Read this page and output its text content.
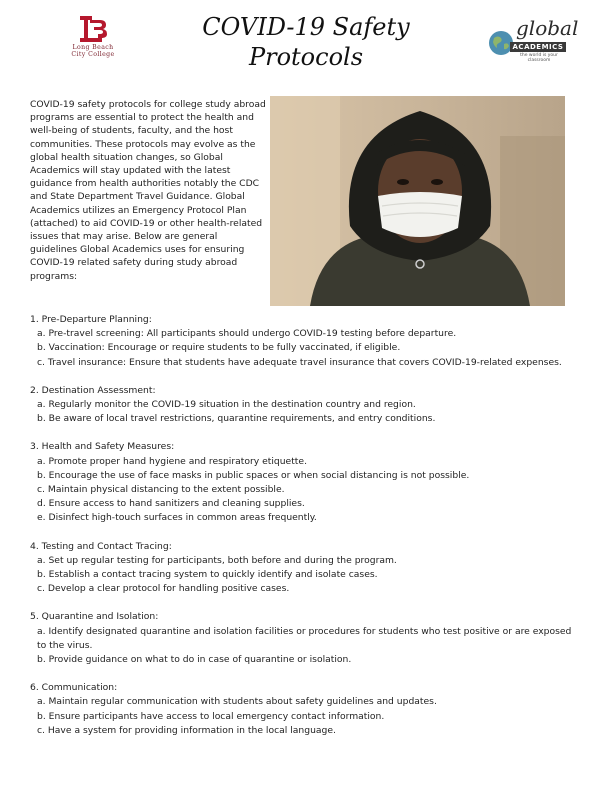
Long Beach
City College
COVID-19 Safety
Protocols
global
ACADEMICS
the world is your classroom
COVID-19 safety protocols for college study abroad programs are essential to protect the health and well-being of students, faculty, and the host communities. These protocols may evolve as the global health situation changes, so Global Academics will stay updated with the latest guidance from health authorities notably the CDC and State Department Travel Guidance. Global Academics utilizes an Emergency Protocol Plan (attached) to aid COVID-19 or other health-related issues that may arise. Below are general guidelines Global Academics uses for ensuring COVID-19 related safety during study abroad programs:
1. Pre-Departure Planning:
a. Pre-travel screening: All participants should undergo COVID-19 testing before departure.
b. Vaccination: Encourage or require students to be fully vaccinated, if eligible.
c. Travel insurance: Ensure that students have adequate travel insurance that covers COVID-19-related expenses.
2. Destination Assessment:
a. Regularly monitor the COVID-19 situation in the destination country and region.
b. Be aware of local travel restrictions, quarantine requirements, and entry conditions.
3. Health and Safety Measures:
a. Promote proper hand hygiene and respiratory etiquette.
b. Encourage the use of face masks in public spaces or when social distancing is not possible.
c. Maintain physical distancing to the extent possible.
d. Ensure access to hand sanitizers and cleaning supplies.
e. Disinfect high-touch surfaces in common areas frequently.
4. Testing and Contact Tracing:
a. Set up regular testing for participants, both before and during the program.
b. Establish a contact tracing system to quickly identify and isolate cases.
c. Develop a clear protocol for handling positive cases.
5. Quarantine and Isolation:
a. Identify designated quarantine and isolation facilities or procedures for students who test positive or are exposed to the virus.
b. Provide guidance on what to do in case of quarantine or isolation.
6. Communication:
a. Maintain regular communication with students about safety guidelines and updates.
b. Ensure participants have access to local emergency contact information.
c. Have a system for providing information in the local language.
